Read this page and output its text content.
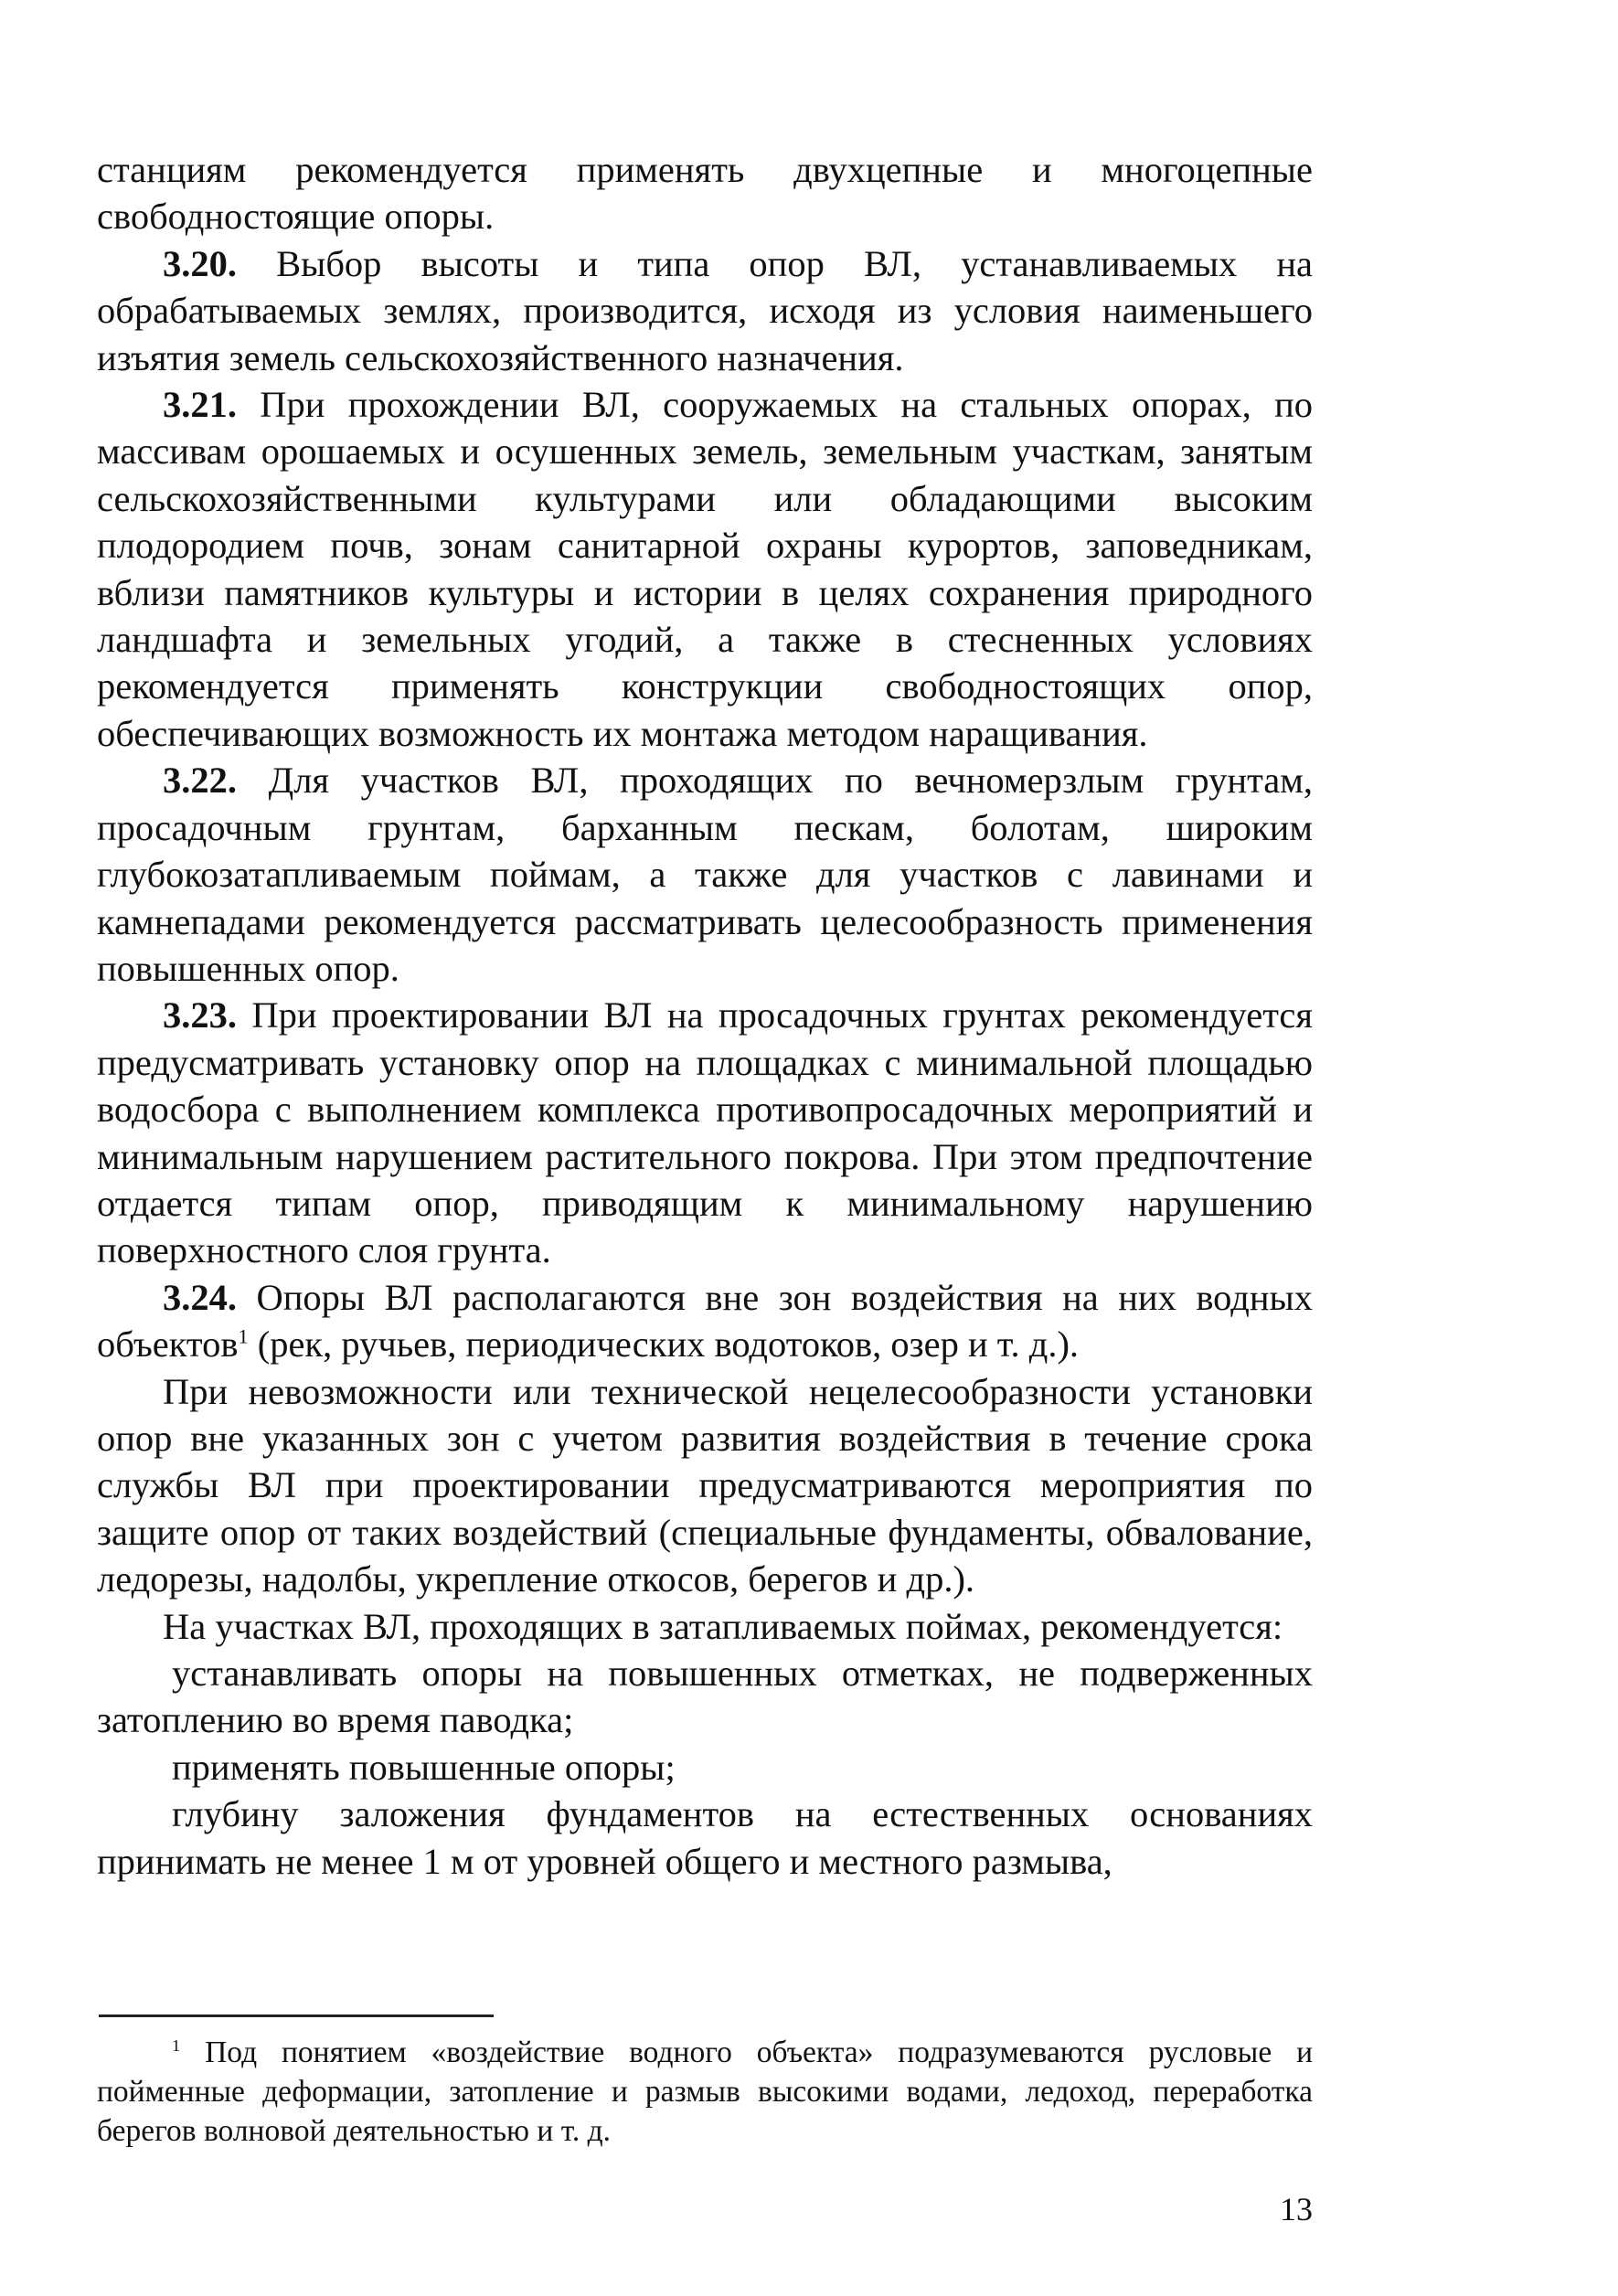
станциям рекомендуется применять двухцепные и многоцепные свободностоящие опоры.

3.20. Выбор высоты и типа опор ВЛ, устанавливаемых на обрабатываемых землях, производится, исходя из условия наименьшего изъятия земель сельскохозяйственного назначения.

3.21. При прохождении ВЛ, сооружаемых на стальных опорах, по массивам орошаемых и осушенных земель, земельным участкам, занятым сельскохозяйственными культурами или обладающими высоким плодородием почв, зонам санитарной охраны курортов, заповедникам, вблизи памятников культуры и истории в целях сохранения природного ландшафта и земельных угодий, а также в стесненных условиях рекомендуется применять конструкции свободностоящих опор, обеспечивающих возможность их монтажа методом наращивания.

3.22. Для участков ВЛ, проходящих по вечномерзлым грунтам, просадочным грунтам, барханным пескам, болотам, широким глубокозатапливаемым поймам, а также для участков с лавинами и камнепадами рекомендуется рассматривать целесообразность применения повышенных опор.

3.23. При проектировании ВЛ на просадочных грунтах рекомендуется предусматривать установку опор на площадках с минимальной площадью водосбора с выполнением комплекса противопросадочных мероприятий и минимальным нарушением растительного покрова. При этом предпочтение отдается типам опор, приводящим к минимальному нарушению поверхностного слоя грунта.

3.24. Опоры ВЛ располагаются вне зон воздействия на них водных объектов$^1$ (рек, ручьев, периодических водотоков, озер и т. д.).

При невозможности или технической нецелесообразности установки опор вне указанных зон с учетом развития воздействия в течение срока службы ВЛ при проектировании предусматриваются мероприятия по защите опор от таких воздействий (специальные фундаменты, обвалование, ледорезы, надолбы, укрепление откосов, берегов и др.).

На участках ВЛ, проходящих в затапливаемых поймах, рекомендуется:

устанавливать опоры на повышенных отметках, не подверженных затоплению во время паводка;

применять повышенные опоры;

глубину заложения фундаментов на естественных основаниях принимать не менее 1 м от уровней общего и местного размыва,

$^1$ Под понятием «воздействие водного объекта» подразумеваются русловые и пойменные деформации, затопление и размыв высокими водами, ледоход, переработка берегов волновой деятельностью и т. д.

13
